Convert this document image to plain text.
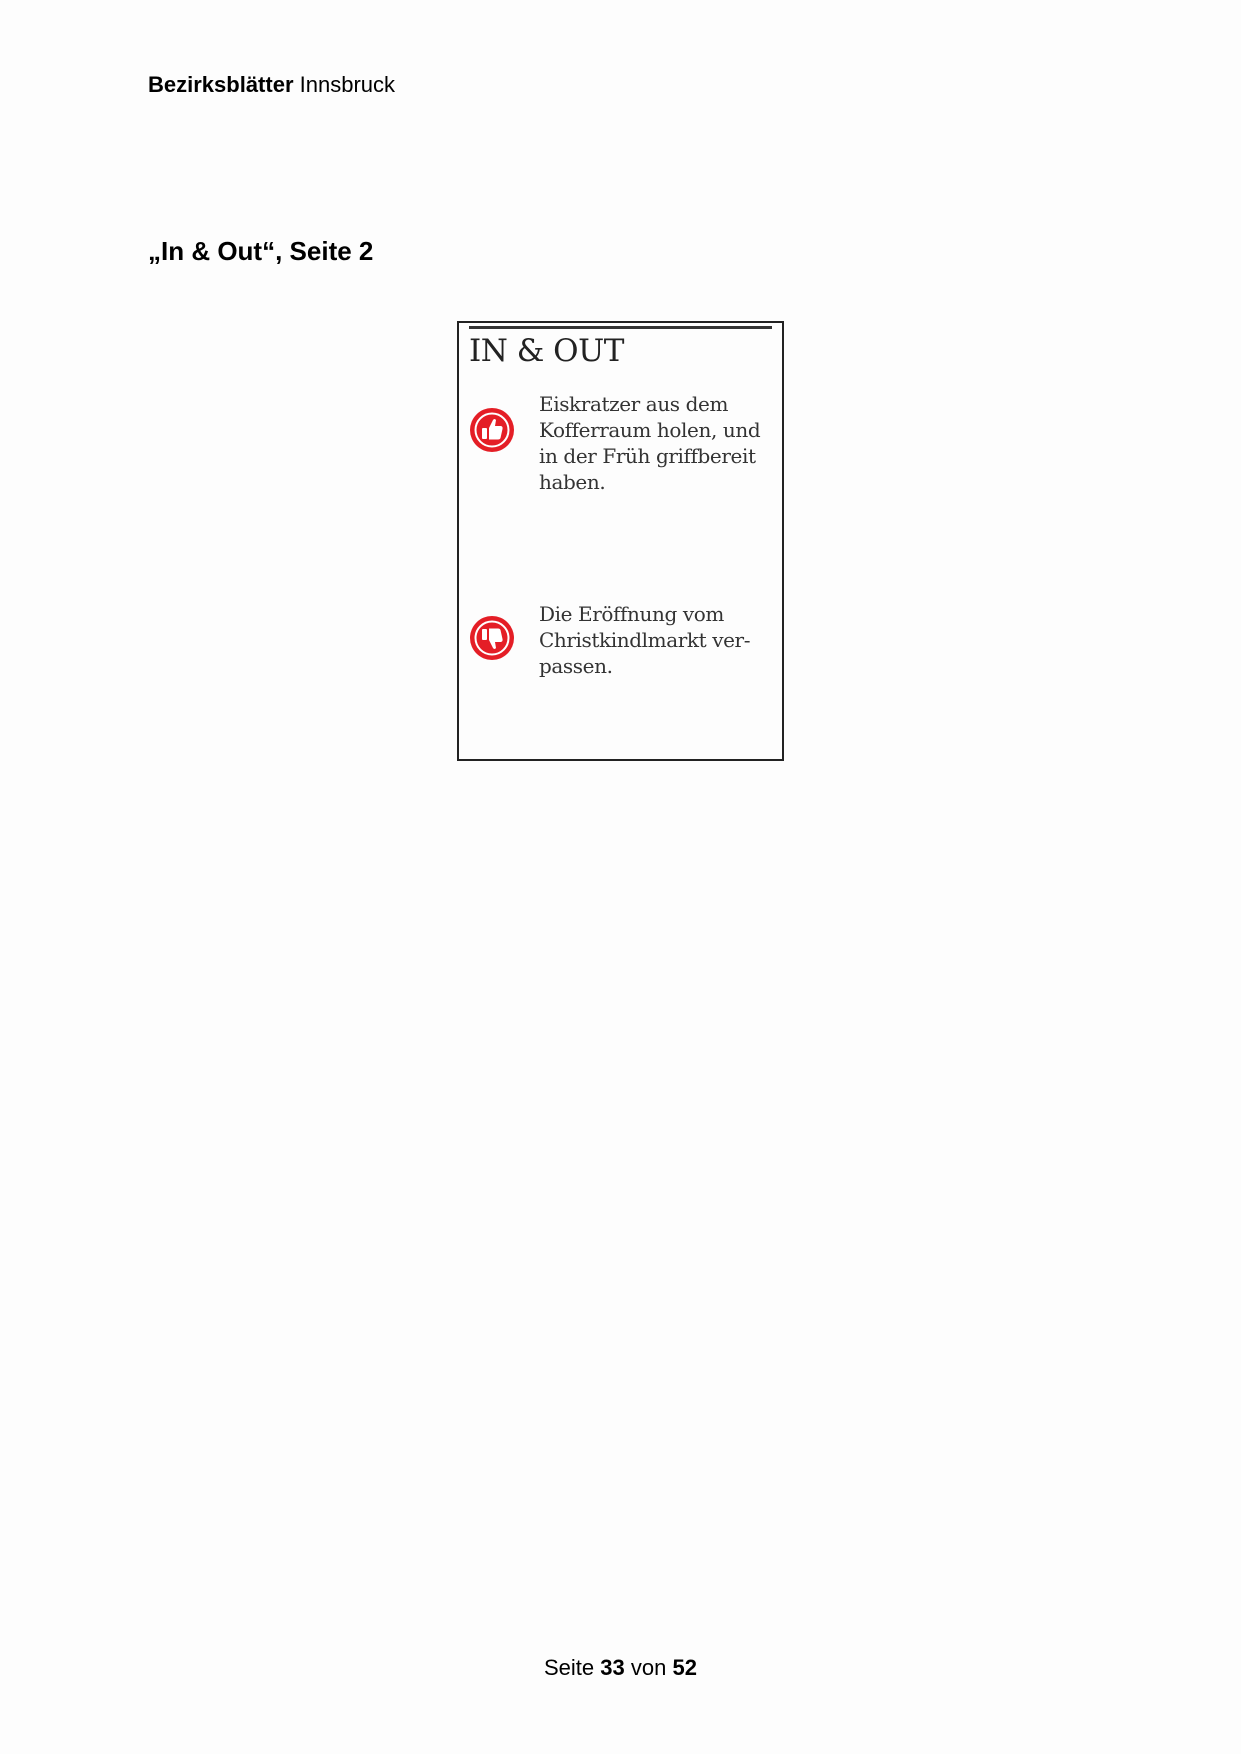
Bezirksblätter Innsbruck
„In & Out“, Seite 2
IN & OUT
Eiskratzer aus dem
Kofferraum holen, und
in der Früh griffbereit
haben.
Die Eröffnung vom
Christkindlmarkt ver-
passen.
Seite 33 von 52
